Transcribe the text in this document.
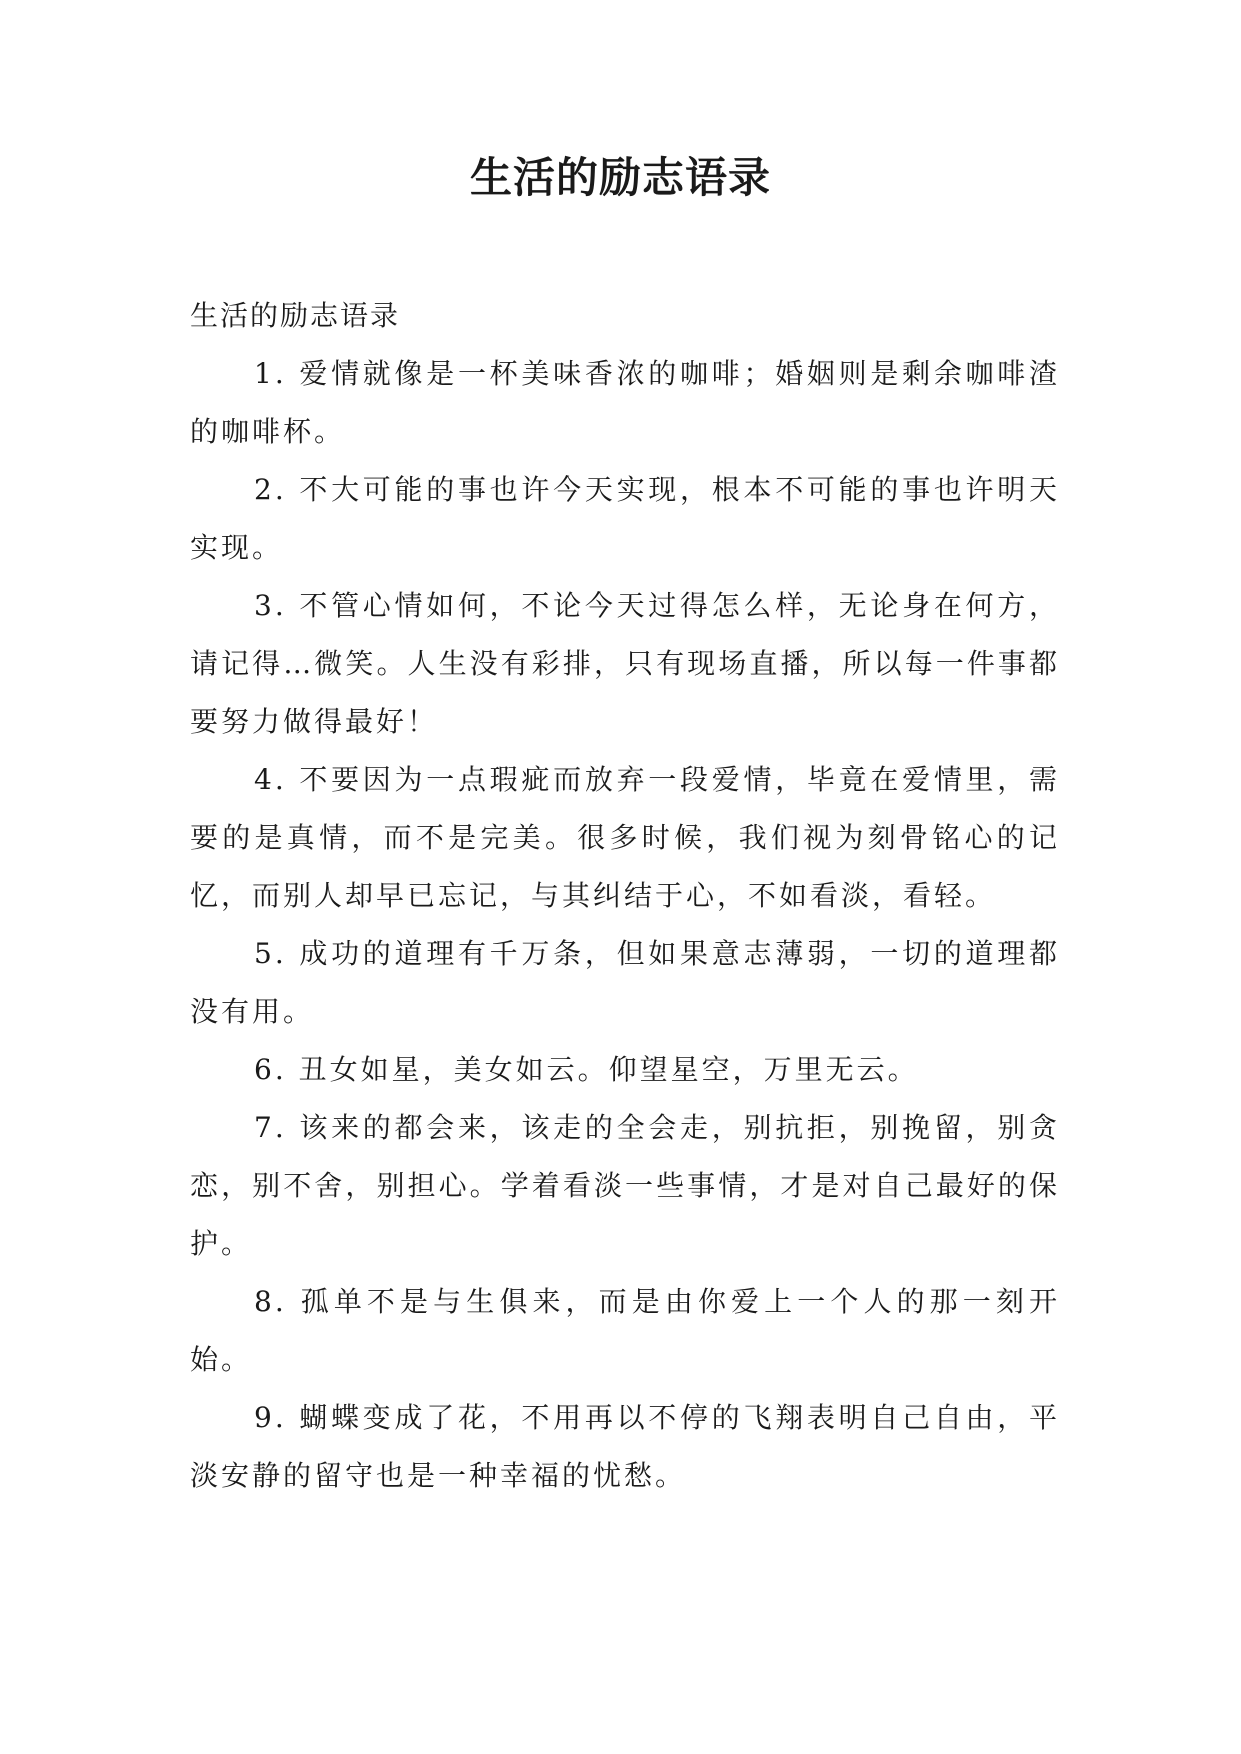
生活的励志语录

生活的励志语录

1. 爱情就像是一杯美味香浓的咖啡；婚姻则是剩余咖啡渣的咖啡杯。

2. 不大可能的事也许今天实现，根本不可能的事也许明天实现。

3. 不管心情如何，不论今天过得怎么样，无论身在何方，请记得…微笑。人生没有彩排，只有现场直播，所以每一件事都要努力做得最好！

4. 不要因为一点瑕疵而放弃一段爱情，毕竟在爱情里，需要的是真情，而不是完美。很多时候，我们视为刻骨铭心的记忆，而别人却早已忘记，与其纠结于心，不如看淡，看轻。

5. 成功的道理有千万条，但如果意志薄弱，一切的道理都没有用。

6. 丑女如星，美女如云。仰望星空，万里无云。

7. 该来的都会来，该走的全会走，别抗拒，别挽留，别贪恋，别不舍，别担心。学着看淡一些事情，才是对自己最好的保护。

8. 孤单不是与生俱来，而是由你爱上一个人的那一刻开始。

9. 蝴蝶变成了花，不用再以不停的飞翔表明自己自由，平淡安静的留守也是一种幸福的忧愁。
